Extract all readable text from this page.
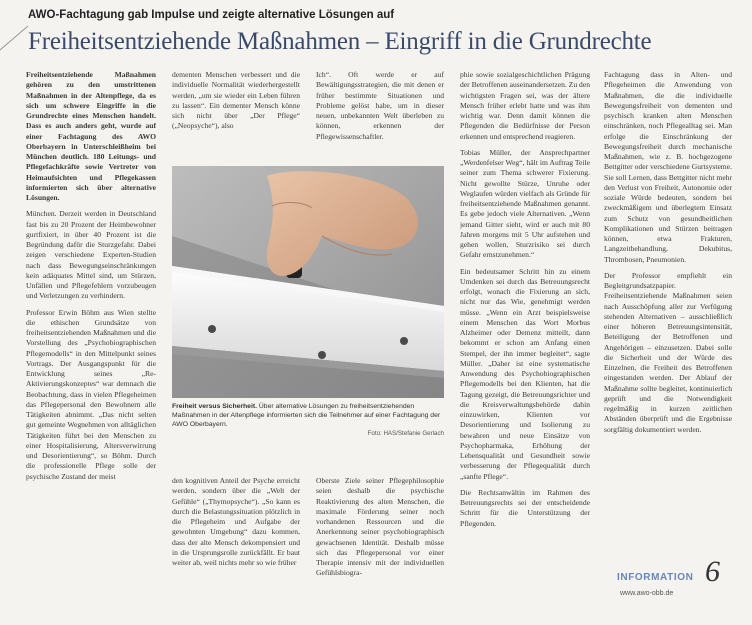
AWO-Fachtagung gab Impulse und zeigte alternative Lösungen auf
Freiheitsentziehende Maßnahmen – Eingriff in die Grundrechte

Freiheitsentziehende Maßnahmen gehören zu den umstrittenen Maßnahmen in der Altenpflege, da es sich um schwere Eingriffe in die Grundrechte eines Menschen handelt. Dass es auch anders geht, wurde auf einer Fachtagung des AWO Oberbayern in Unterschleißheim bei München deutlich. 180 Leitungs- und Pflegefachkräfte sowie Vertreter von Heimaufsichten und Pflegekassen informierten sich über alternative Lösungen.

München. Derzeit werden in Deutschland fast bis zu 20 Prozent der Heimbewohner gurtfixiert, in über 40 Prozent ist die Begründung dafür die Sturzgefahr. Dabei zeigen verschiedene Experten-Studien nach dass Bewegungseinschränkungen kein adäquates Mittel sind, um Stürzen, Unfällen und Pflegefehlern vorzubeugen und Verletzungen zu verhindern.

Professor Erwin Böhm aus Wien stellte die ethischen Grundsätze von freiheitsentziehenden Maßnahmen und die Vorstellung des „Psychobiographischen Pflegemodells“ in den Mittelpunkt seines Vortrags. Der Ausgangspunkt für die Entwicklung seines „Re-Aktivierungskonzeptes“ war demnach die Beobachtung, dass in vielen Pflegeheimen das Pflegepersonal den Bewohnern alle Tätigkeiten abnimmt. „Das nicht selten gut gemeinte Wegnehmen von alltäglichen Tätigkeiten führt bei den Menschen zu einer Hospitalisierung, Altersverwirrung und Desorientierung“, so Böhm. Durch die professionelle Pflege solle der psychische Zustand der meist

dementen Menschen verbessert und die individuelle Normalität wiederhergestellt werden, „um sie wieder ein Leben führen zu lassen“. Ein dementer Mensch könne sich nicht über „Der Pflege“ („Neopsyche“), also

Ich“. Oft werde er auf Bewältigungsstrategien, die mit denen er früher bestimmte Situationen und Probleme gelöst habe, um in dieser neuen, unbekannten Welt überleben zu können, erkennen der Pflegewissenschaftler.

Freiheit versus Sicherheit. Über alternative Lösungen zu freiheitsentziehenden Maßnahmen in der Altenpflege informierten sich die Teilnehmer auf einer Fachtagung der AWO Oberbayern.
Foto: HAS/Stefanie Gerlach

den kognitiven Anteil der Psyche erreicht werden, sondern über die „Welt der Gefühle“ („Thymopsyche“). „So kann es durch die Belastungssituation plötzlich in die Pflegeheim und Aufgabe der gewohnten Umgebung“ dazu kommen, dass der alte Mensch dekompensiert und in die Ursprungsrolle zurückfällt. Er baut weiter ab, weil nichts mehr so wie früher

Oberste Ziele seiner Pflegephilosophie seien deshalb die psychische Reaktivierung des alten Menschen, die maximale Förderung seiner noch vorhandenen Ressourcen und die Anerkennung seiner psychobiographisch gewachsenen Identität. Deshalb müsse sich das Pflegepersonal vor einer Therapie intensiv mit der individuellen Gefühlsbiogra-

phie sowie sozialgeschichtlichen Prägung der Betroffenen auseinandersetzen. Zu den wichtigsten Fragen sei, was der ältere Mensch früher erlebt hatte und was ihm wichtig war. Denn damit können die Pflegenden die Bedürfnisse der Person erkennen und entsprechend reagieren.

Tobias Müller, der Ansprechpartner „Werdenfelser Weg“, hält im Auftrag Teile seiner zum Thema schwerer Fixierung. Nicht gewollte Stürze, Unruhe oder Weglaufen würden vielfach als Gründe für freiheitsentziehende Maßnahmen genannt. Es gebe jedoch viele Alternativen. „Wenn jemand Gitter sieht, wird er auch mit 80 Jahren morgens mit 5 Uhr aufstehen und gehen wollen, Sturzrisiko sei durch Gefahr ernstzunehmen.“

Ein bedeutsamer Schritt hin zu einem Umdenken sei durch das Betreuungsrecht erfolgt, wonach die Fixierung an sich, nicht nur das Wie, genehmigt werden müsse. „Wenn ein Arzt beispielsweise einem Menschen das Wort Morbus Alzheimer oder Demenz mitteilt, dann bekommt er schon am Anfang einen Stempel, der ihn immer begleitet“, sagte Müller. „Daher ist eine systematische Anwendung des Psychobiographischen Pflegemodells bei den Klienten, hat die Tagung gezeigt, die Betreuungsrichter und die Kreisverwaltungsbehörde dahin einzuwirken, Klienten vor Desorientierung und Isolierung zu bewahren und neue Einsätze von Psychopharmaka, Erhöhung der Lebensqualität und Gesundheit sowie verbesserung der Pflegequalität durch „sanfte Pflege“.

Die Rechtsanwältin im Rahmen des Betreuungsrechts sei der entscheidende Schritt für die Unterstützung der Pflegenden.

Fachtagung dass in Alten- und Pflegeheimen die Anwendung von Maßnahmen, die die individuelle Bewegungsfreiheit von dementen und psychisch kranken alten Menschen einschränken, noch Pflegealltag sei. Man erfolge die Einschränkung der Bewegungsfreiheit durch mechanische Maßnahmen, wie z. B. hochgezogene Bettgitter oder verschiedene Gurtsysteme. Sie soll Lernen, dass Bettgitter nicht mehr den Verlust von Freiheit, Autonomie oder soziale Würde bedeuten, sondern bei zweckmäßigem und überlegtem Einsatz zum Schutz von gesundheitlichen Komplikationen und Stürzen beitragen können, etwa Frakturen, Langzeitbehandlung, Dekubitus, Thrombosen, Pneumonien.

Der Professor empfiehlt ein Begleitgrundsatzpapier. Freiheitsentziehende Maßnahmen seien nach Ausschöpfung aller zur Verfügung stehenden Alternativen – ausschließlich einer höheren Betreuungsintensität, Beteiligung der Betroffenen und Angehörigen – einzusetzen. Dabei solle die Sicherheit und der Würde des Einzelnen, die Freiheit des Betroffenen eingestanden werden. Der Ablauf der Maßnahme sollte begleitet, kontinuierlich geprüft und die Notwendigkeit regelmäßig in kurzen zeitlichen Abständen überprüft und die Ergebnisse sorgfältig dokumentiert werden.

INFORMATION
www.awo-obb.de
6
